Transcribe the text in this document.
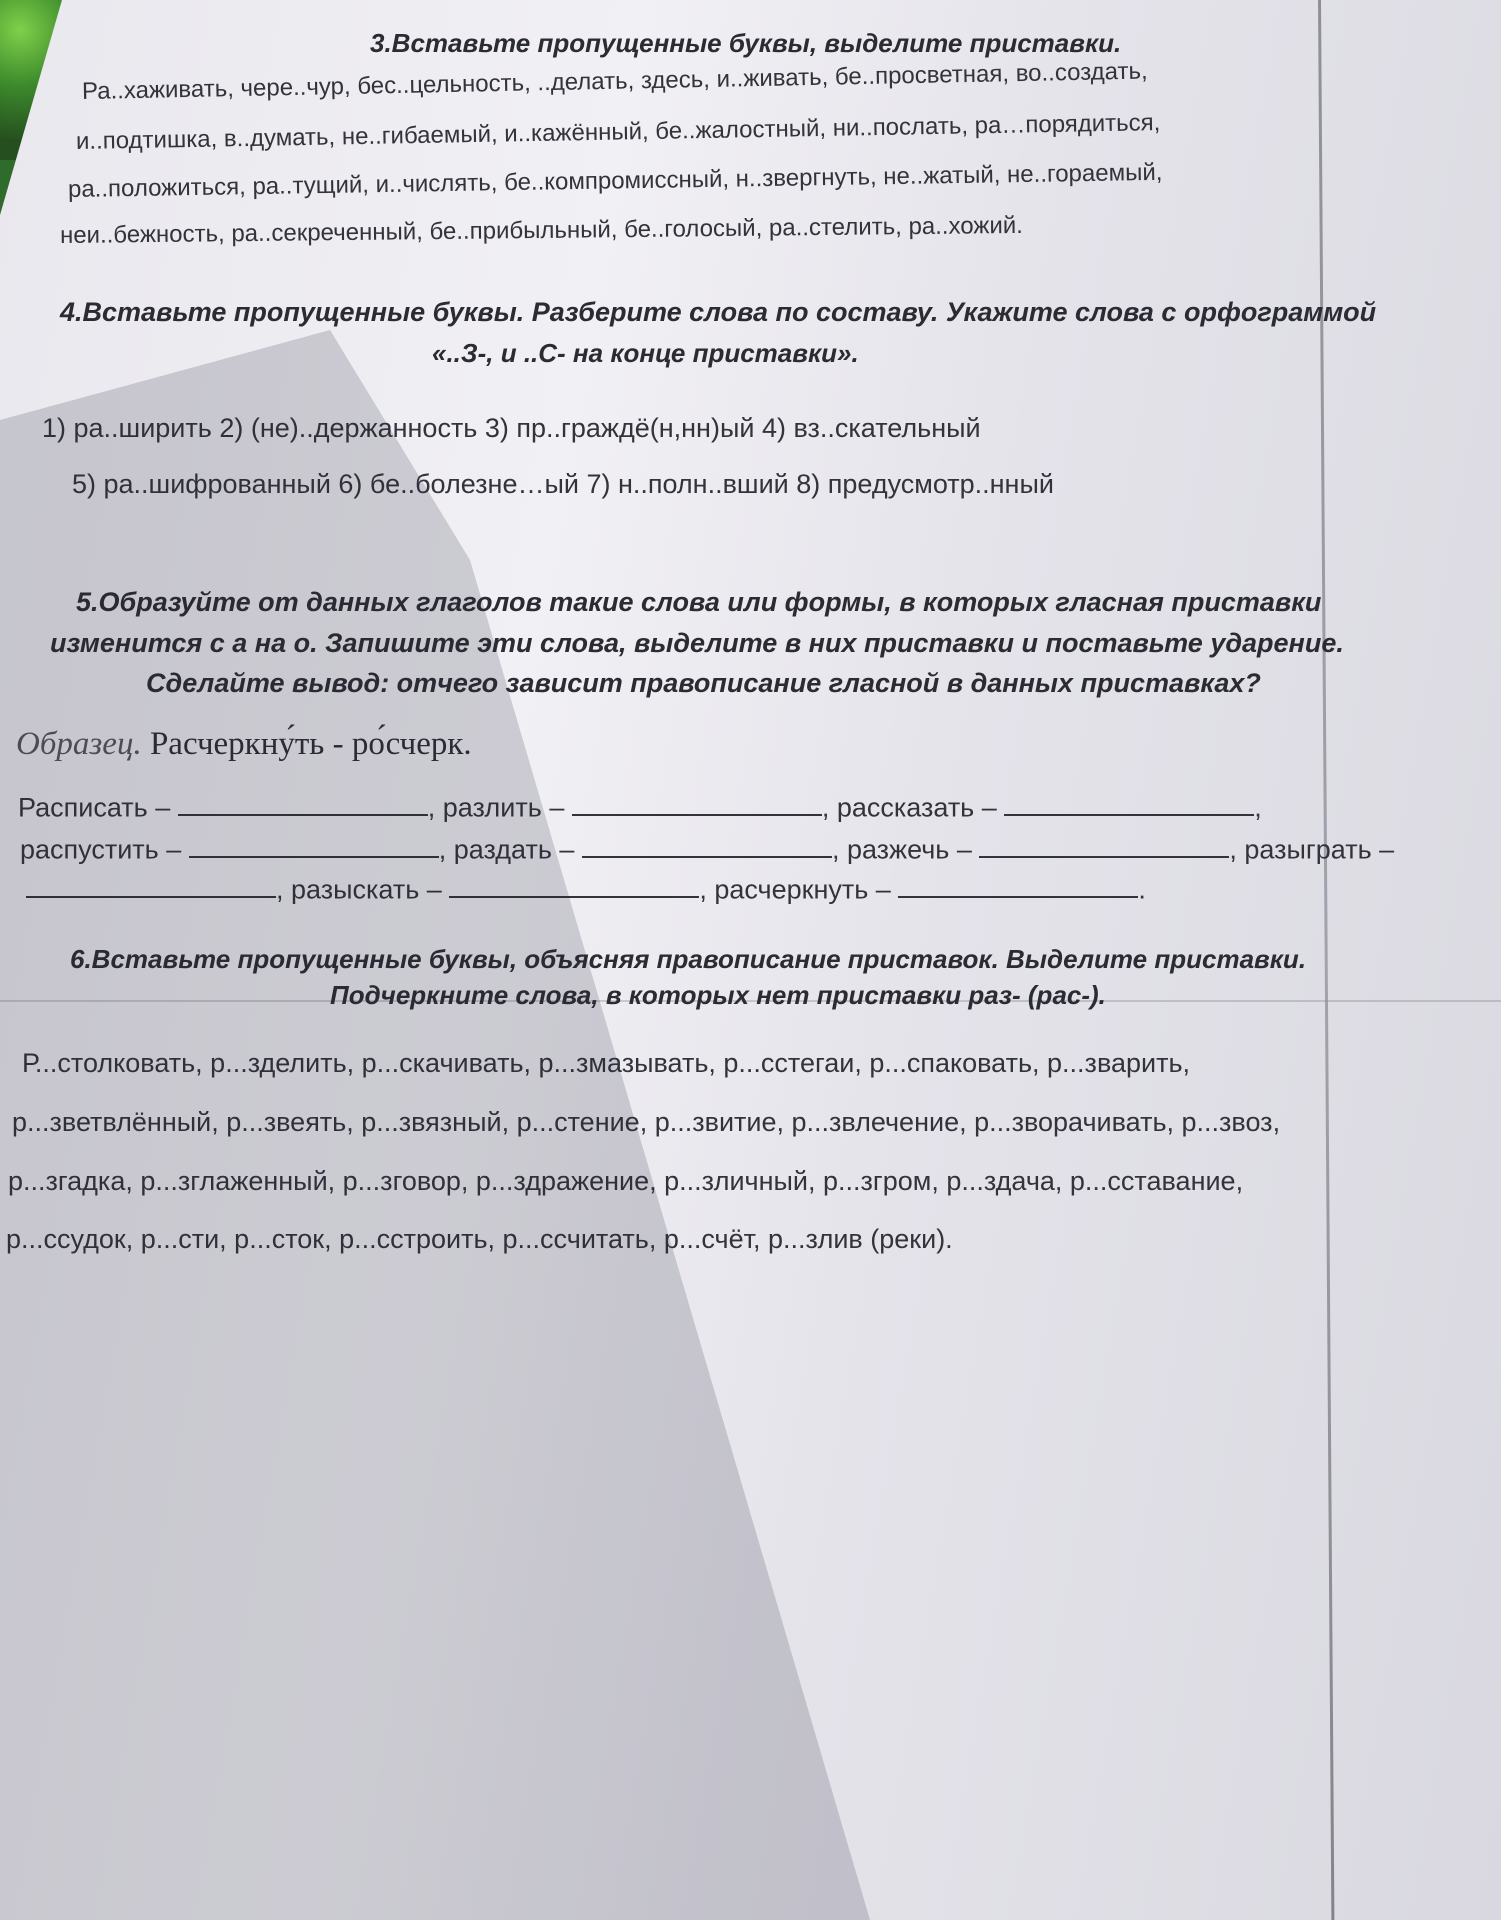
3.Вставьте пропущенные буквы, выделите приставки.
Ра..хаживать, чере..чур, бес..цельность, ..делать, здесь, и..живать, бе..просветная, во..создать,
и..подтишка, в..думать, не..гибаемый, и..кажённый, бе..жалостный, ни..послать, ра…порядиться,
ра..положиться, ра..тущий, и..числять, бе..компромиссный, н..звергнуть, не..жатый, не..гораемый,
неи..бежность, ра..секреченный, бе..прибыльный, бе..голосый, ра..стелить, ра..хожий.
4.Вставьте пропущенные буквы. Разберите слова по составу. Укажите слова с орфограммой
«..З-, и ..С- на конце приставки».
1) ра..ширить 2) (не)..держанность 3) пр..граждё(н,нн)ый 4) вз..скательный
5) ра..шифрованный 6) бе..болезне…ый 7) н..полн..вший 8) предусмотр..нный
5.Образуйте от данных глаголов такие слова или формы, в которых гласная приставки
изменится с а на о. Запишите эти слова, выделите в них приставки и поставьте ударение.
Сделайте вывод: отчего зависит правописание гласной в данных приставках?
Образец. Расчеркну́ть - ро́счерк.
Расписать –	, разлить –	, рассказать –	,
распустить –	, раздать –	, разжечь –	, разыграть –
, разыскать –	, расчеркнуть –	.
6.Вставьте пропущенные буквы, объясняя правописание приставок. Выделите приставки.
Подчеркните слова, в которых нет приставки раз- (рас-).
Р...столковать, р...зделить, р...скачивать, р...змазывать, р...сстегаи, р...спаковать, р...зварить,
р...зветвлённый, р...звеять, р...звязный, р...стение, р...звитие, р...звлечение, р...зворачивать, р...звоз,
р...згадка, р...зглаженный, р...зговор, р...здражение, р...зличный, р...згром, р...здача, р...сставание,
р...ссудок, р...сти, р...сток, р...сстроить, р...ссчитать, р...счёт, р...злив (реки).
